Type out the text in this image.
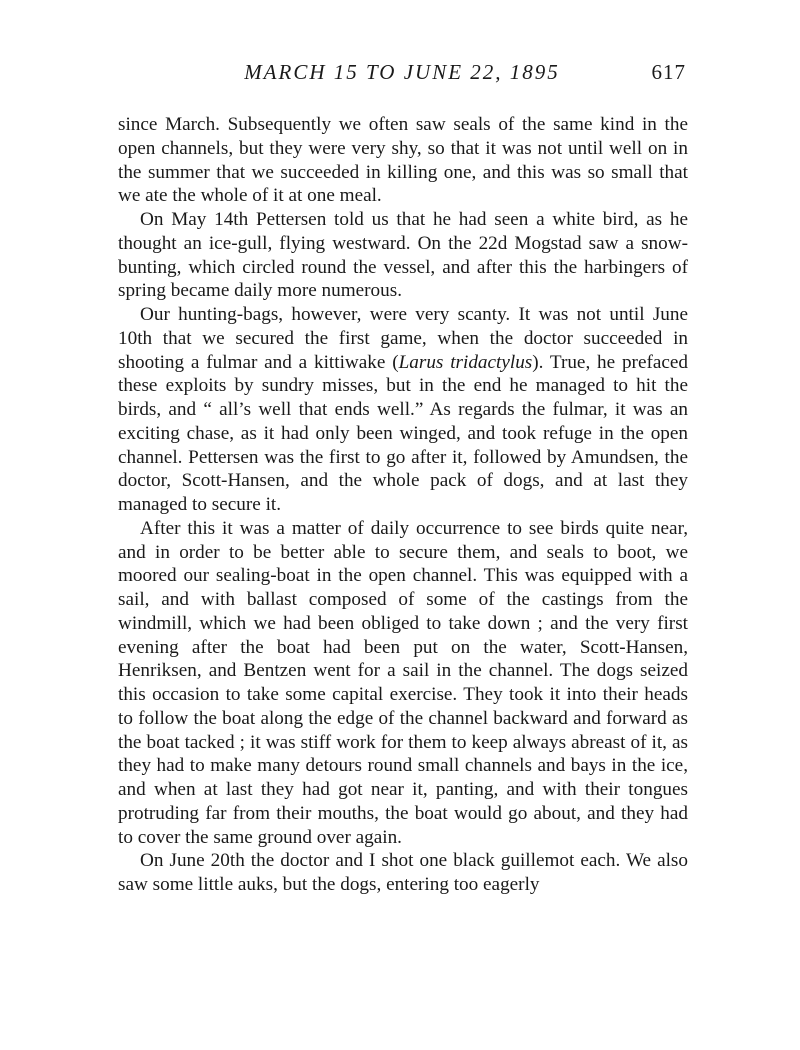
MARCH 15 TO JUNE 22, 1895	617

since March. Subsequently we often saw seals of the same kind in the open channels, but they were very shy, so that it was not until well on in the summer that we succeeded in killing one, and this was so small that we ate the whole of it at one meal.

On May 14th Pettersen told us that he had seen a white bird, as he thought an ice-gull, flying westward. On the 22d Mogstad saw a snow-bunting, which circled round the vessel, and after this the harbingers of spring became daily more numerous.

Our hunting-bags, however, were very scanty. It was not until June 10th that we secured the first game, when the doctor succeeded in shooting a fulmar and a kittiwake (Larus tridactylus). True, he prefaced these exploits by sundry misses, but in the end he managed to hit the birds, and “ all’s well that ends well.” As regards the fulmar, it was an exciting chase, as it had only been winged, and took refuge in the open channel. Pettersen was the first to go after it, followed by Amundsen, the doctor, Scott-Hansen, and the whole pack of dogs, and at last they managed to secure it.

After this it was a matter of daily occurrence to see birds quite near, and in order to be better able to secure them, and seals to boot, we moored our sealing-boat in the open channel. This was equipped with a sail, and with ballast composed of some of the castings from the windmill, which we had been obliged to take down ; and the very first evening after the boat had been put on the water, Scott-Hansen, Henriksen, and Bentzen went for a sail in the channel. The dogs seized this occasion to take some capital exercise. They took it into their heads to follow the boat along the edge of the channel backward and forward as the boat tacked ; it was stiff work for them to keep always abreast of it, as they had to make many detours round small channels and bays in the ice, and when at last they had got near it, panting, and with their tongues protruding far from their mouths, the boat would go about, and they had to cover the same ground over again.

On June 20th the doctor and I shot one black guillemot each. We also saw some little auks, but the dogs, entering too eagerly
